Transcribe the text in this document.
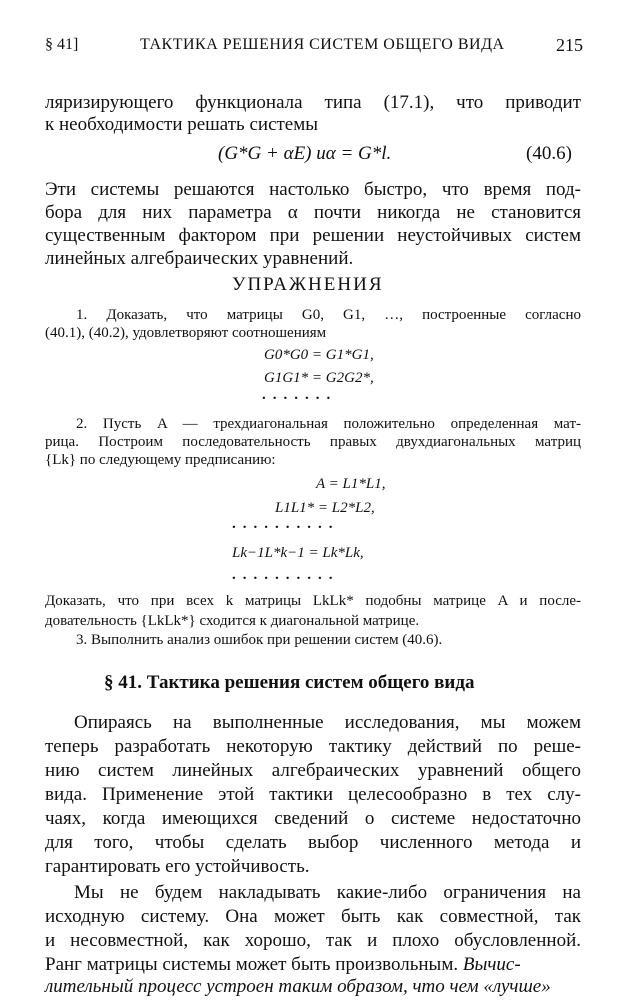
§ 41]	ТАКТИКА РЕШЕНИЯ СИСТЕМ ОБЩЕГО ВИДА	215
ляризирующего функционала типа (17.1), что приводит
к необходимости решать системы
(G*G + αE) uα = G*l.	(40.6)
Эти системы решаются настолько быстро, что время под-
бора для них параметра α почти никогда не становится
существенным фактором при решении неустойчивых систем
линейных алгебраических уравнений.
УПРАЖНЕНИЯ
1. Доказать, что матрицы G0, G1, …, построенные согласно
(40.1), (40.2), удовлетворяют соотношениям
G0*G0 = G1*G1,
G1G1* = G2G2*,
.......
2. Пусть A — трехдиагональная положительно определенная мат-
рица. Построим последовательность правых двухдиагональных матриц
{Lk} по следующему предписанию:
A = L1*L1,
L1L1* = L2*L2,
..........
Lk−1L*k−1 = Lk*Lk,
..........
Доказать, что при всех k матрицы LkLk* подобны матрице A и после-
довательность {LkLk*} сходится к диагональной матрице.
3. Выполнить анализ ошибок при решении систем (40.6).
§ 41. Тактика решения систем общего вида
Опираясь на выполненные исследования, мы можем
теперь разработать некоторую тактику действий по реше-
нию систем линейных алгебраических уравнений общего
вида. Применение этой тактики целесообразно в тех слу-
чаях, когда имеющихся сведений о системе недостаточно
для того, чтобы сделать выбор численного метода и
гарантировать его устойчивость.
Мы не будем накладывать какие-либо ограничения на
исходную систему. Она может быть как совместной, так
и несовместной, как хорошо, так и плохо обусловленной.
Ранг матрицы системы может быть произвольным. Вычис-
лительный процесс устроен таким образом, что чем «лучше»
